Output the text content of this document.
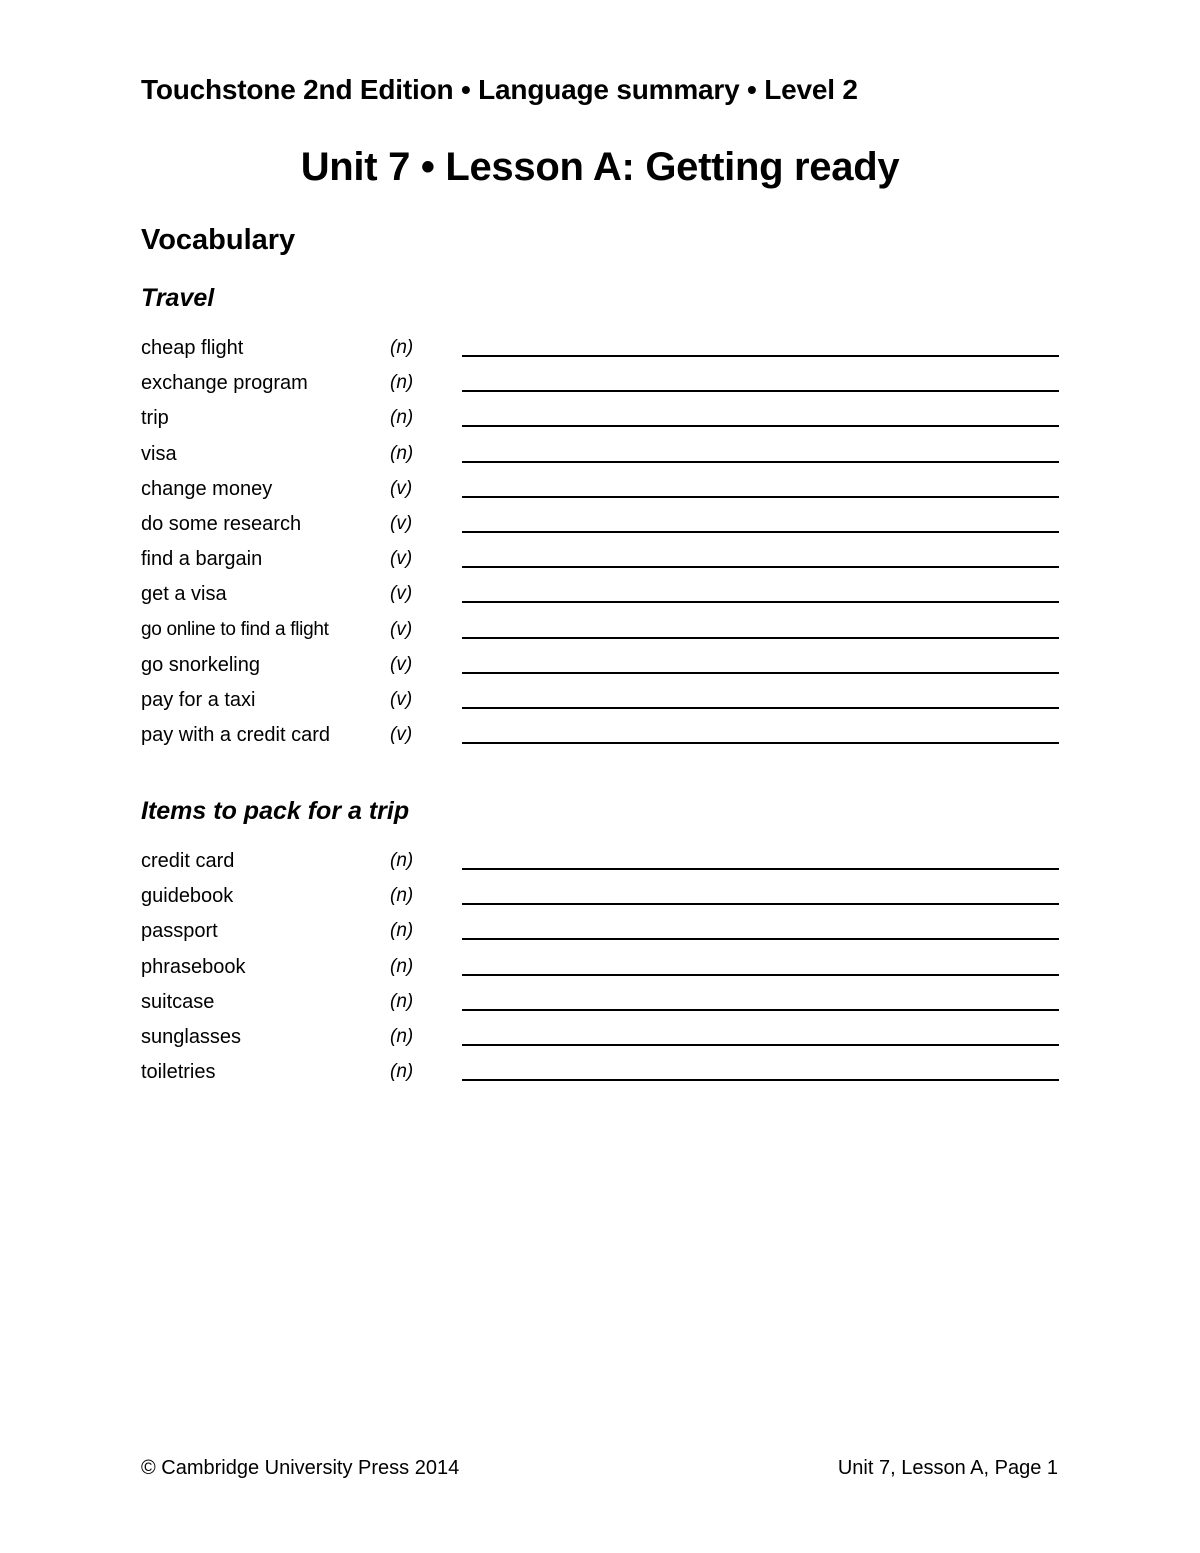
Touchstone 2nd Edition • Language summary • Level 2
Unit 7 • Lesson A: Getting ready
Vocabulary
Travel
cheap flight	(n)
exchange program	(n)
trip	(n)
visa	(n)
change money	(v)
do some research	(v)
find a bargain	(v)
get a visa	(v)
go online to find a flight	(v)
go snorkeling	(v)
pay for a taxi	(v)
pay with a credit card	(v)
Items to pack for a trip
credit card	(n)
guidebook	(n)
passport	(n)
phrasebook	(n)
suitcase	(n)
sunglasses	(n)
toiletries	(n)
© Cambridge University Press 2014	Unit 7, Lesson A, Page 1
